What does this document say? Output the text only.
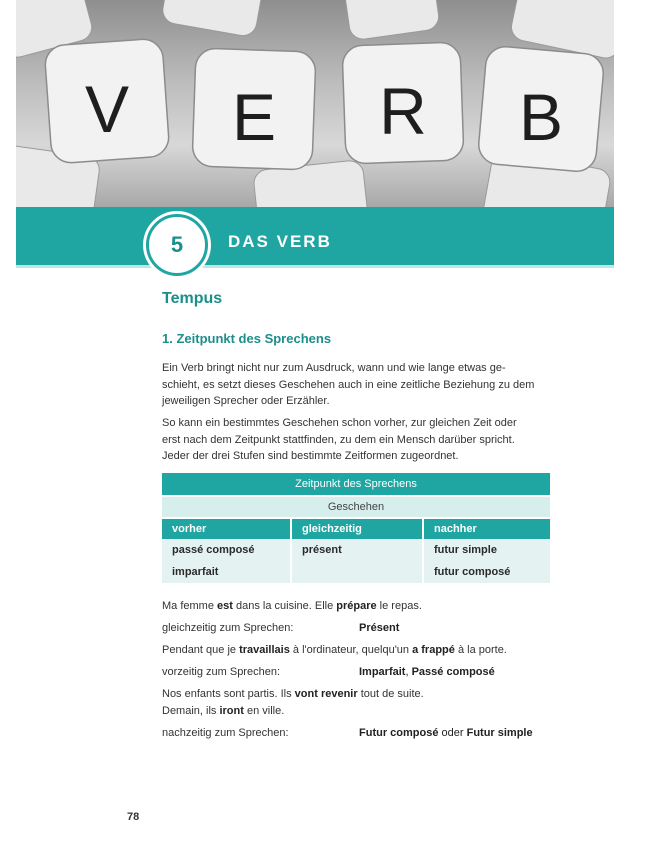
V E R B
5	DAS VERB
Tempus
1. Zeitpunkt des Sprechens
Ein Verb bringt nicht nur zum Ausdruck, wann und wie lange etwas ge-
schieht, es setzt dieses Geschehen auch in eine zeitliche Beziehung zu dem
jeweiligen Sprecher oder Erzähler.
So kann ein bestimmtes Geschehen schon vorher, zur gleichen Zeit oder
erst nach dem Zeitpunkt stattfinden, zu dem ein Mensch darüber spricht.
Jeder der drei Stufen sind bestimmte Zeitformen zugeordnet.
Zeitpunkt des Sprechens		
Geschehen		
vorher	gleichzeitig	nachher
passé composé	présent	futur simple
imparfait		futur composé
Ma femme est dans la cuisine. Elle prépare le repas.
gleichzeitig zum Sprechen:	Présent
Pendant que je travaillais à l'ordinateur, quelqu'un a frappé à la porte.
vorzeitig zum Sprechen:	Imparfait, Passé composé
Nos enfants sont partis. Ils vont revenir tout de suite.
Demain, ils iront en ville.
nachzeitig zum Sprechen:	Futur composé oder Futur simple
78
